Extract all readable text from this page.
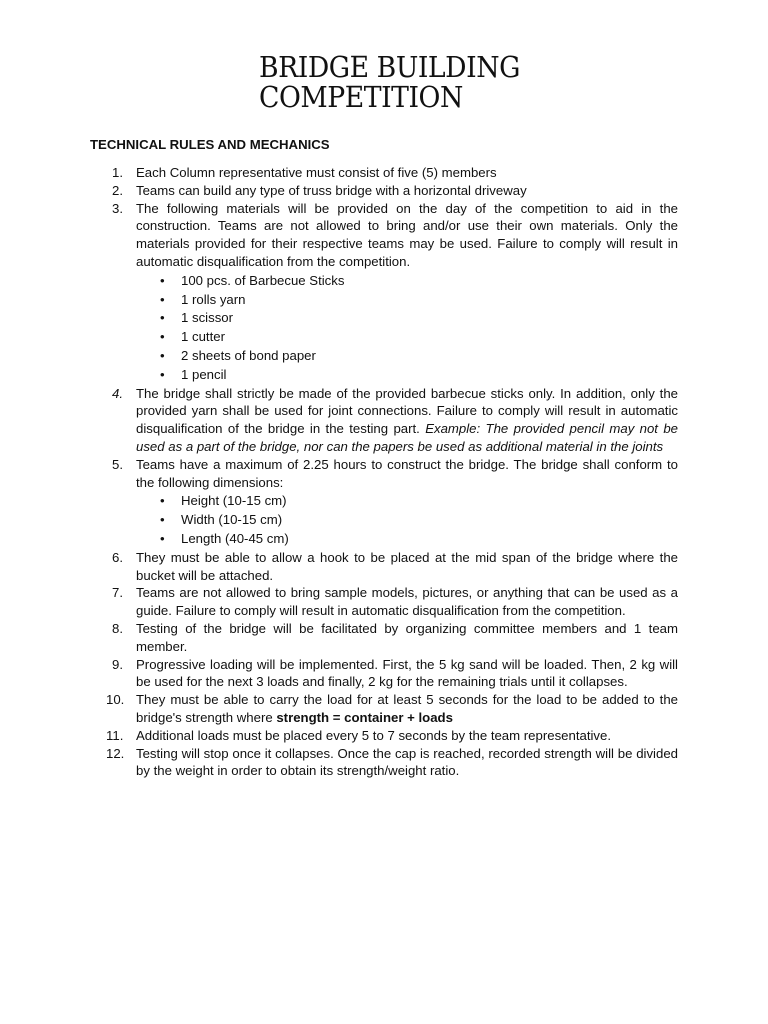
BRIDGE BUILDING
COMPETITION
TECHNICAL RULES AND MECHANICS
1. Each Column representative must consist of five (5) members
2. Teams can build any type of truss bridge with a horizontal driveway
3. The following materials will be provided on the day of the competition to aid in the construction. Teams are not allowed to bring and/or use their own materials. Only the materials provided for their respective teams may be used. Failure to comply will result in automatic disqualification from the competition.
• 100 pcs. of Barbecue Sticks
• 1 rolls yarn
• 1 scissor
• 1 cutter
• 2 sheets of bond paper
• 1 pencil
4. The bridge shall strictly be made of the provided barbecue sticks only. In addition, only the provided yarn shall be used for joint connections. Failure to comply will result in automatic disqualification of the bridge in the testing part. Example: The provided pencil may not be used as a part of the bridge, nor can the papers be used as additional material in the joints
5. Teams have a maximum of 2.25 hours to construct the bridge. The bridge shall conform to the following dimensions:
• Height (10-15 cm)
• Width (10-15 cm)
• Length (40-45 cm)
6. They must be able to allow a hook to be placed at the mid span of the bridge where the bucket will be attached.
7. Teams are not allowed to bring sample models, pictures, or anything that can be used as a guide. Failure to comply will result in automatic disqualification from the competition.
8. Testing of the bridge will be facilitated by organizing committee members and 1 team member.
9. Progressive loading will be implemented. First, the 5 kg sand will be loaded. Then, 2 kg will be used for the next 3 loads and finally, 2 kg for the remaining trials until it collapses.
10. They must be able to carry the load for at least 5 seconds for the load to be added to the bridge's strength where strength = container + loads
11. Additional loads must be placed every 5 to 7 seconds by the team representative.
12. Testing will stop once it collapses. Once the cap is reached, recorded strength will be divided by the weight in order to obtain its strength/weight ratio.
